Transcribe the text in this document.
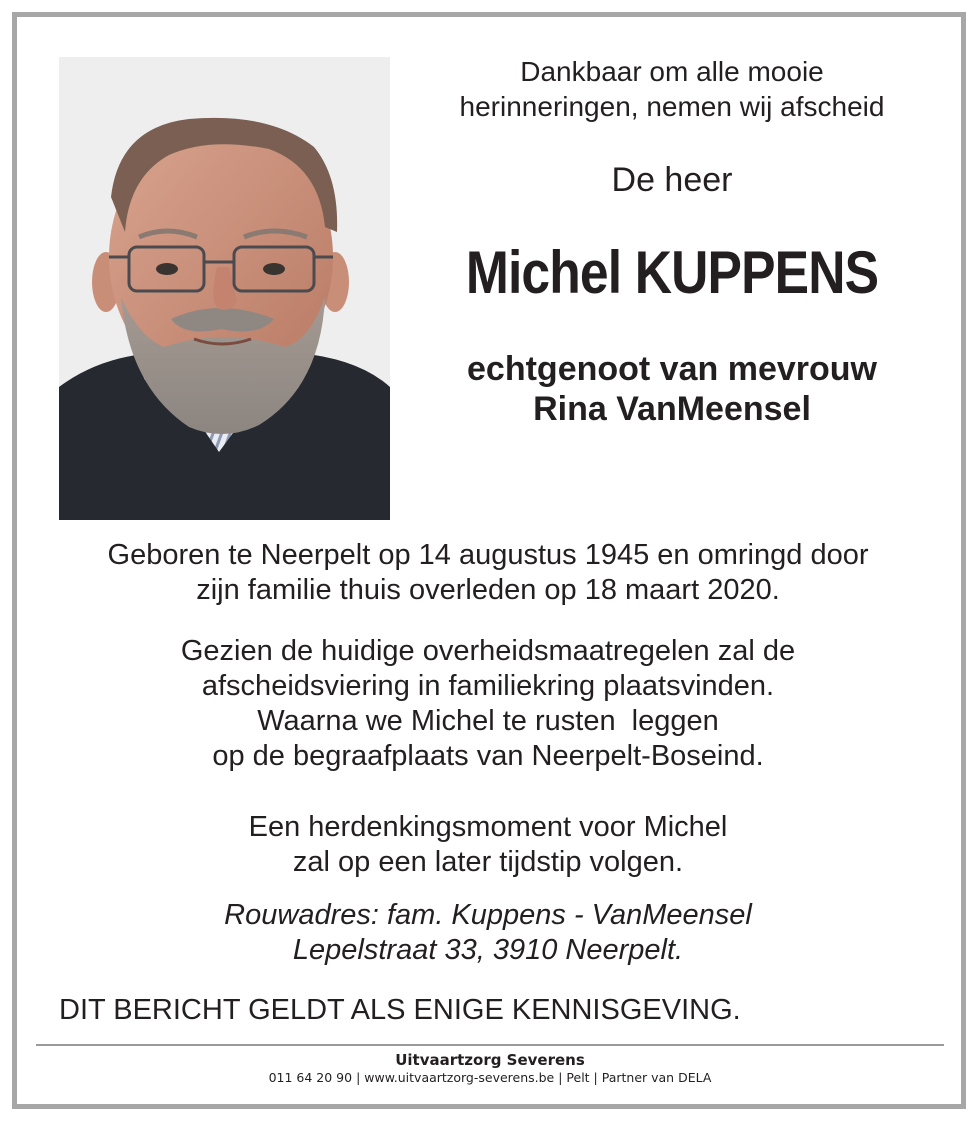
Dankbaar om alle mooie
herinneringen, nemen wij afscheid
De heer
Michel KUPPENS
echtgenoot van mevrouw
Rina VanMeensel
Geboren te Neerpelt op 14 augustus 1945 en omringd door
zijn familie thuis overleden op 18 maart 2020.
Gezien de huidige overheidsmaatregelen zal de
afscheidsviering in familiekring plaatsvinden.
Waarna we Michel te rusten  leggen
op de begraafplaats van Neerpelt-Boseind.
Een herdenkingsmoment voor Michel
zal op een later tijdstip volgen.
Rouwadres: fam. Kuppens - VanMeensel
Lepelstraat 33, 3910 Neerpelt.
DIT BERICHT GELDT ALS ENIGE KENNISGEVING.
Uitvaartzorg Severens
011 64 20 90 | www.uitvaartzorg-severens.be | Pelt | Partner van DELA
